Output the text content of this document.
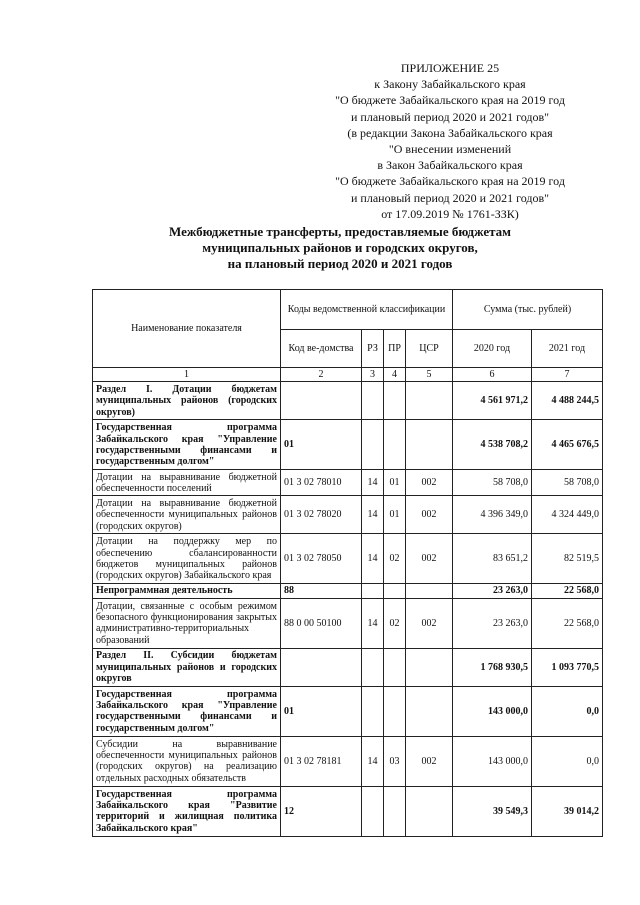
ПРИЛОЖЕНИЕ 25
к Закону Забайкальского края
"О бюджете Забайкальского края на 2019 год
и плановый период 2020 и 2021 годов"
(в редакции Закона Забайкальского края
"О внесении изменений
в Закон Забайкальского края
"О бюджете Забайкальского края на 2019 год
и плановый период 2020 и 2021 годов"
от 17.09.2019 № 1761-ЗЗК)
Межбюджетные трансферты, предоставляемые бюджетам
муниципальных районов и городских округов,
на плановый период 2020 и 2021 годов
Наименование показателя	Коды ведомственной классификации				Сумма (тыс. рублей)	
	Код ве-домства	РЗ	ПР	ЦСР	2020 год	2021 год
1	2	3	4	5	6	7
Раздел I. Дотации бюджетам муниципальных районов (городских округов)					4 561 971,2	4 488 244,5
Государственная программа Забайкальского края "Управление государственными финансами и государственным долгом"	01				4 538 708,2	4 465 676,5
Дотации на выравнивание бюджетной обеспеченности поселений	01 3 02 78010	14	01	002	58 708,0	58 708,0
Дотации на выравнивание бюджетной обеспеченности муниципальных районов (городских округов)	01 3 02 78020	14	01	002	4 396 349,0	4 324 449,0
Дотации на поддержку мер по обеспечению сбалансированности бюджетов муниципальных районов (городских округов) Забайкальского края	01 3 02 78050	14	02	002	83 651,2	82 519,5
Непрограммная деятельность	88				23 263,0	22 568,0
Дотации, связанные с особым режимом безопасного функционирования закрытых административно-территориальных образований	88 0 00 50100	14	02	002	23 263,0	22 568,0
Раздел II. Субсидии бюджетам муниципальных районов и городских округов					1 768 930,5	1 093 770,5
Государственная программа Забайкальского края "Управление государственными финансами и государственным долгом"	01				143 000,0	0,0
Субсидии на выравнивание обеспеченности муниципальных районов (городских округов) на реализацию отдельных расходных обязательств	01 3 02 78181	14	03	002	143 000,0	0,0
Государственная программа Забайкальского края "Развитие территорий и жилищная политика Забайкальского края"	12				39 549,3	39 014,2
